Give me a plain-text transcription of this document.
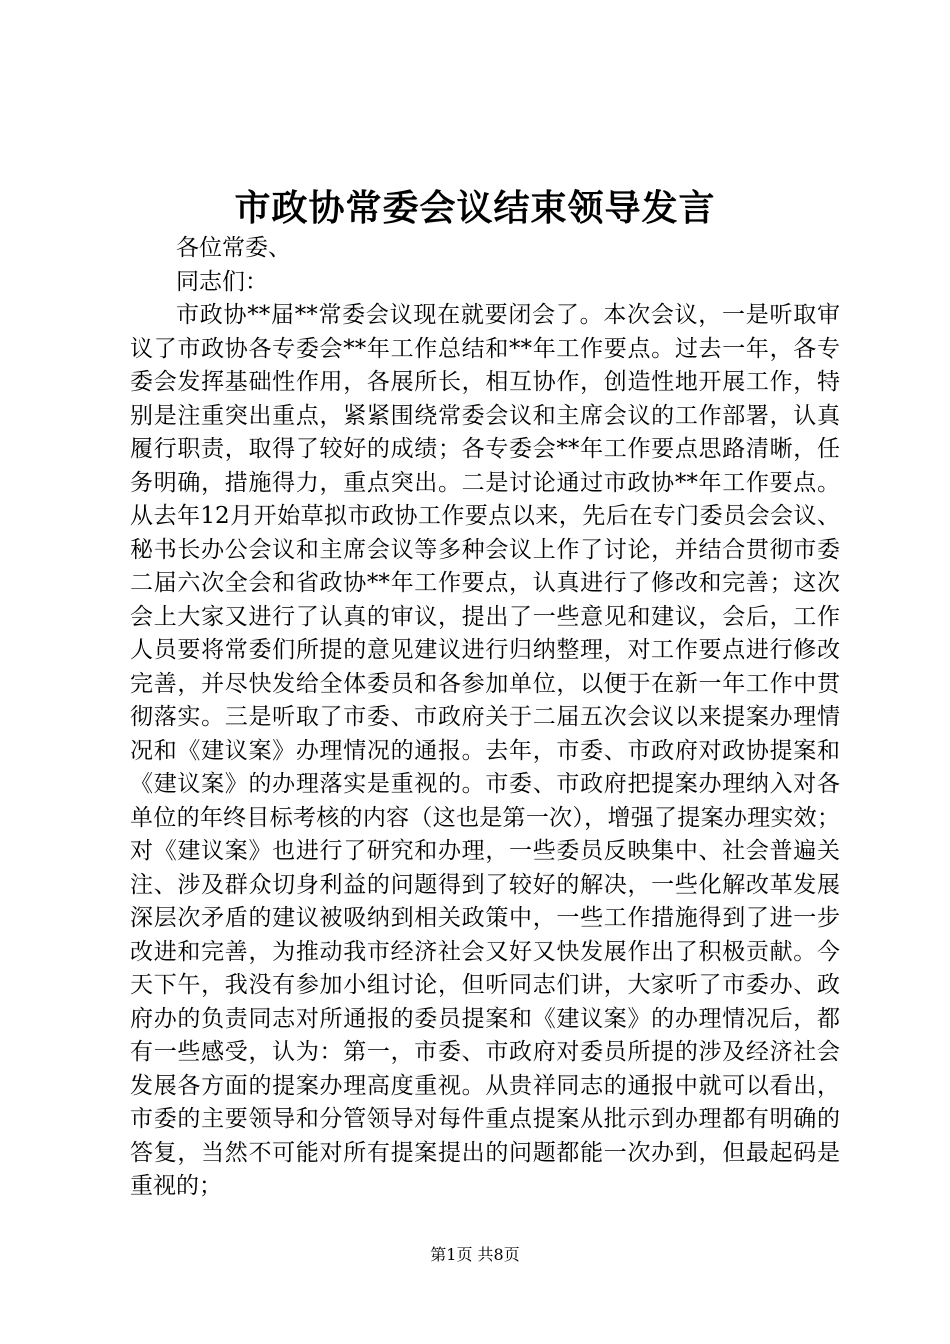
市政协常委会议结束领导发言

各位常委、

同志们：

市政协**届**常委会议现在就要闭会了。本次会议，一是听取审议了市政协各专委会**年工作总结和**年工作要点。过去一年，各专委会发挥基础性作用，各展所长，相互协作，创造性地开展工作，特别是注重突出重点，紧紧围绕常委会议和主席会议的工作部署，认真履行职责，取得了较好的成绩；各专委会**年工作要点思路清晰，任务明确，措施得力，重点突出。二是讨论通过市政协**年工作要点。从去年12月开始草拟市政协工作要点以来，先后在专门委员会会议、秘书长办公会议和主席会议等多种会议上作了讨论，并结合贯彻市委二届六次全会和省政协**年工作要点，认真进行了修改和完善；这次会上大家又进行了认真的审议，提出了一些意见和建议，会后，工作人员要将常委们所提的意见建议进行归纳整理，对工作要点进行修改完善，并尽快发给全体委员和各参加单位，以便于在新一年工作中贯彻落实。三是听取了市委、市政府关于二届五次会议以来提案办理情况和《建议案》办理情况的通报。去年，市委、市政府对政协提案和《建议案》的办理落实是重视的。市委、市政府把提案办理纳入对各单位的年终目标考核的内容（这也是第一次），增强了提案办理实效；对《建议案》也进行了研究和办理，一些委员反映集中、社会普遍关注、涉及群众切身利益的问题得到了较好的解决，一些化解改革发展深层次矛盾的建议被吸纳到相关政策中，一些工作措施得到了进一步改进和完善，为推动我市经济社会又好又快发展作出了积极贡献。今天下午，我没有参加小组讨论，但听同志们讲，大家听了市委办、政府办的负责同志对所通报的委员提案和《建议案》的办理情况后，都有一些感受，认为：第一，市委、市政府对委员所提的涉及经济社会发展各方面的提案办理高度重视。从贵祥同志的通报中就可以看出，市委的主要领导和分管领导对每件重点提案从批示到办理都有明确的答复，当然不可能对所有提案提出的问题都能一次办到，但最起码是重视的；

第1页 共8页
